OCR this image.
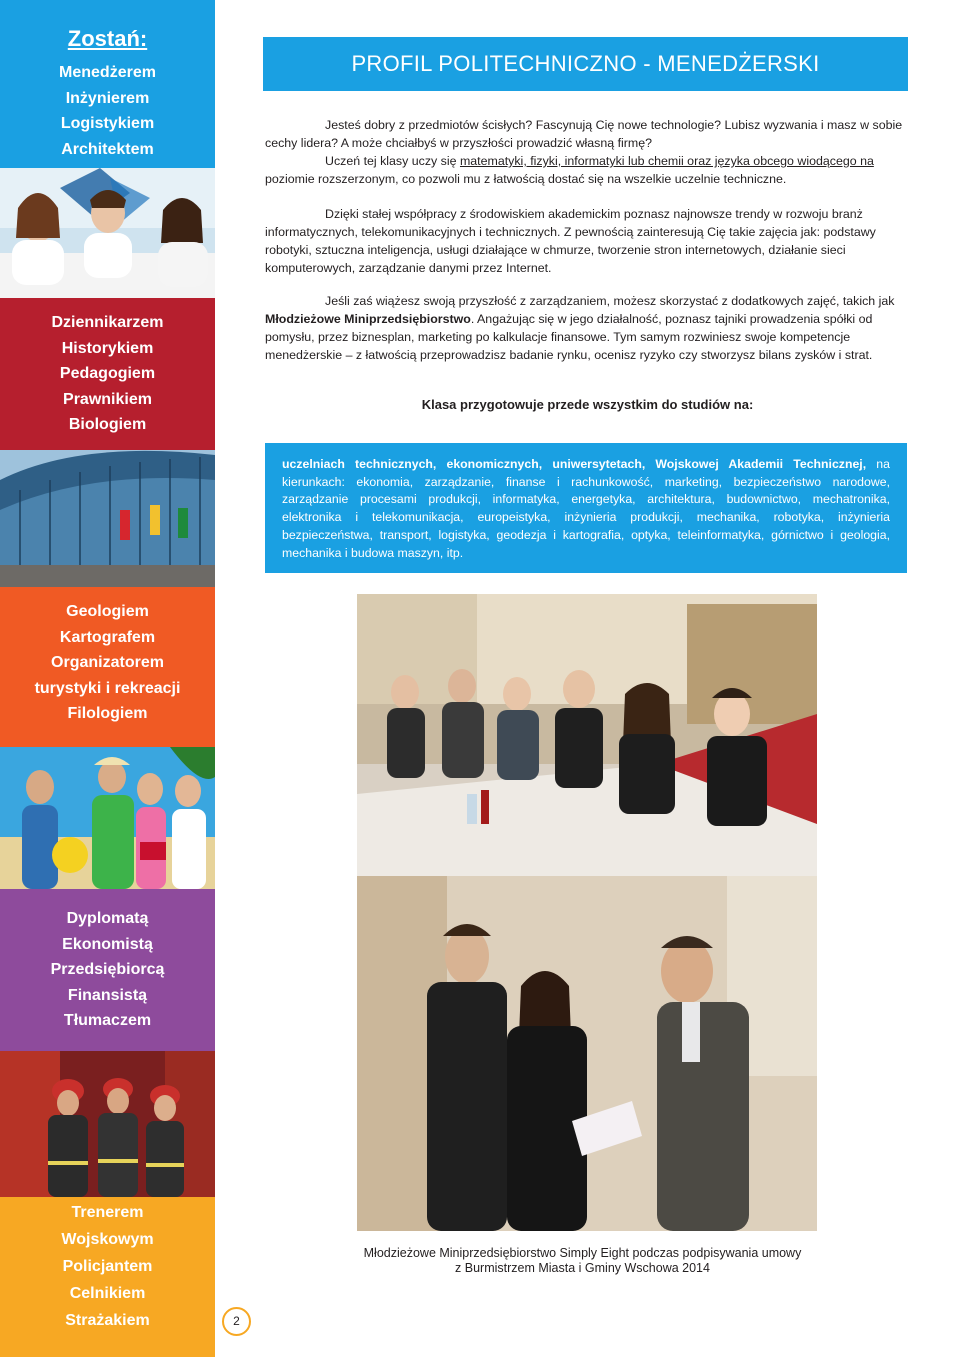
Zostań:
Menedżerem
Inżynierem
Logistykiem
Architektem
Dziennikarzem
Historykiem
Pedagogiem
Prawnikiem
Biologiem
Geologiem
Kartografem
Organizatorem
turystyki i rekreacji
Filologiem
Dyplomatą
Ekonomistą
Przedsiębiorcą
Finansistą
Tłumaczem
Trenerem
Wojskowym
Policjantem
Celnikiem
Strażakiem
PROFIL POLITECHNICZNO - MENEDŻERSKI

Jesteś dobry z przedmiotów ścisłych? Fascynują Cię nowe technologie? Lubisz wyzwania i masz w sobie cechy lidera? A może chciałbyś w przyszłości prowadzić własną firmę?

Uczeń tej klasy uczy się matematyki, fizyki, informatyki lub chemii oraz języka obcego wiodącego na poziomie rozszerzonym, co pozwoli mu z łatwością dostać się na wszelkie uczelnie techniczne.

Dzięki stałej współpracy z środowiskiem akademickim poznasz najnowsze trendy w rozwoju branż informatycznych, telekomunikacyjnych i technicznych. Z pewnością zainteresują Cię takie zajęcia jak: podstawy robotyki, sztuczna inteligencja, usługi działające w chmurze, tworzenie stron internetowych, działanie sieci komputerowych, zarządzanie danymi przez Internet.

Jeśli zaś wiążesz swoją przyszłość z zarządzaniem, możesz skorzystać z dodatkowych zajęć, takich jak Młodzieżowe Miniprzedsiębiorstwo. Angażując się w jego działalność, poznasz tajniki prowadzenia spółki od pomysłu, przez biznesplan, marketing po kalkulacje finansowe. Tym samym rozwiniesz swoje kompetencje menedżerskie – z łatwością przeprowadzisz badanie rynku, ocenisz ryzyko czy stworzysz bilans zysków i strat.

Klasa przygotowuje przede wszystkim do studiów na:
uczelniach technicznych, ekonomicznych, uniwersytetach, Wojskowej Akademii Technicznej, na kierunkach: ekonomia, zarządzanie, finanse i rachunkowość, marketing, bezpieczeństwo narodowe, zarządzanie procesami produkcji, informatyka, energetyka, architektura, budownictwo, mechatronika, elektronika i telekomunikacja, europeistyka, inżynieria produkcji, mechanika, robotyka, inżynieria bezpieczeństwa, transport, logistyka, geodezja i kartografia, optyka, teleinformatyka, górnictwo i geologia, mechanika i budowa maszyn, itp.
Młodzieżowe Miniprzedsiębiorstwo Simply Eight podczas podpisywania umowy
z Burmistrzem Miasta i Gminy Wschowa 2014
2
